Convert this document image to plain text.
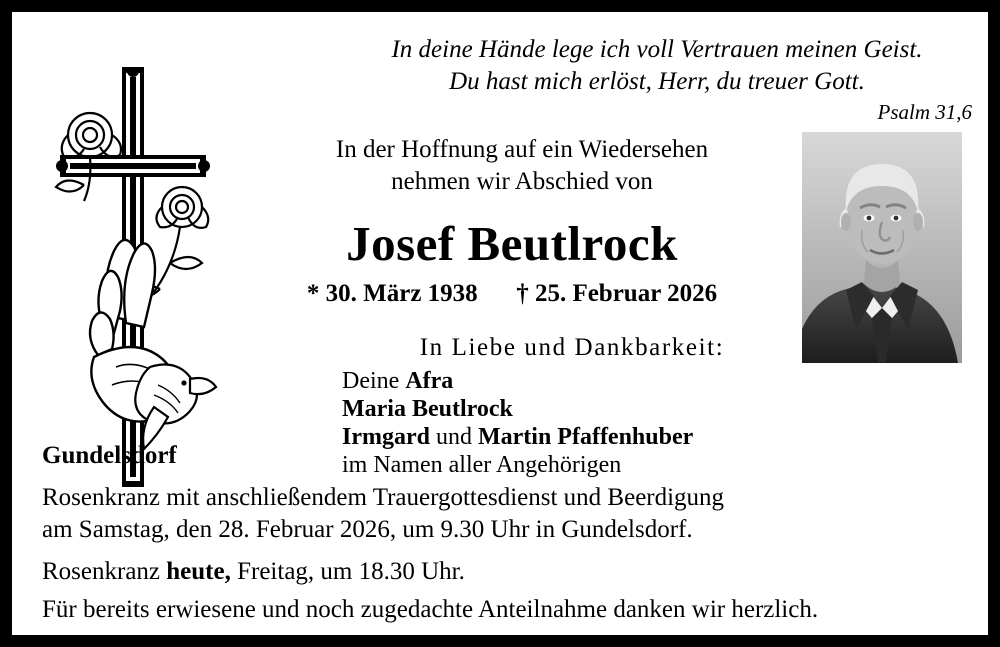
In deine Hände lege ich voll Vertrauen meinen Geist.
Du hast mich erlöst, Herr, du treuer Gott.
Psalm 31,6
In der Hoffnung auf ein Wiedersehen
nehmen wir Abschied von
Josef Beutlrock
* 30. März 1938 † 25. Februar 2026
In Liebe und Dankbarkeit:
Deine Afra
Maria Beutlrock
Irmgard und Martin Pfaffenhuber
im Namen aller Angehörigen
Gundelsdorf

Rosenkranz mit anschließendem Trauergottesdienst und Beerdigung
am Samstag, den 28. Februar 2026, um 9.30 Uhr in Gundelsdorf.

Rosenkranz heute, Freitag, um 18.30 Uhr.

Für bereits erwiesene und noch zugedachte Anteilnahme danken wir herzlich.
